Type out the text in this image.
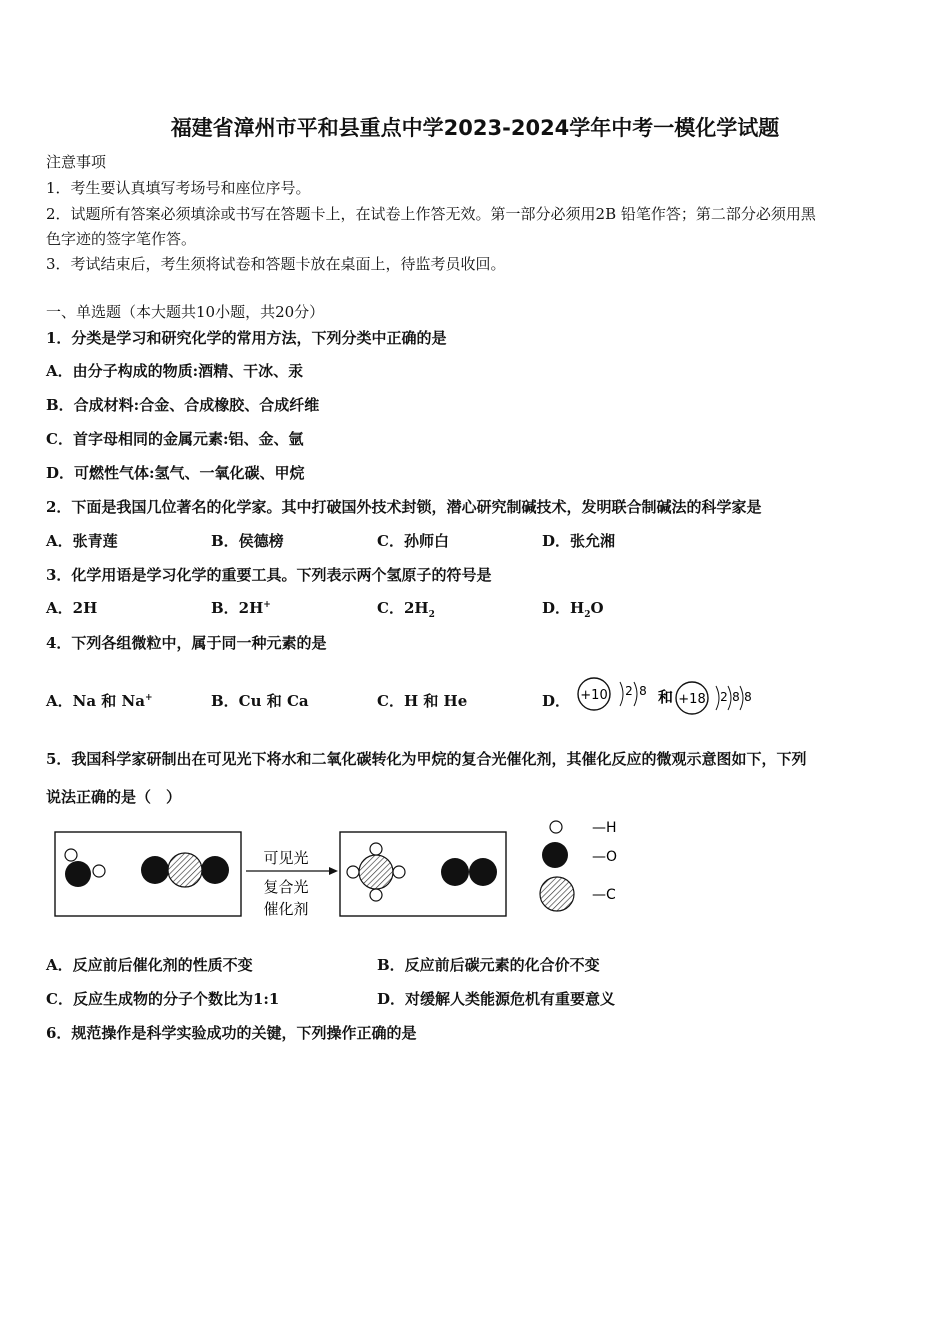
福建省漳州市平和县重点中学2023-2024学年中考一模化学试题
注意事项
1．考生要认真填写考场号和座位序号。
2．试题所有答案必须填涂或书写在答题卡上，在试卷上作答无效。第一部分必须用2B 铅笔作答；第二部分必须用黑
色字迹的签字笔作答。
3．考试结束后，考生须将试卷和答题卡放在桌面上，待监考员收回。
一、单选题（本大题共10小题，共20分）
1．分类是学习和研究化学的常用方法，下列分类中正确的是
A．由分子构成的物质:酒精、干冰、汞
B．合成材料:合金、合成橡胶、合成纤维
C．首字母相同的金属元素:铝、金、氩
D．可燃性气体:氢气、一氧化碳、甲烷
2．下面是我国几位著名的化学家。其中打破国外技术封锁，潜心研究制碱技术，发明联合制碱法的科学家是
A．张青莲	B．侯德榜	C．孙师白	D．张允湘
3．化学用语是学习化学的重要工具。下列表示两个氢原子的符号是
A．2H	B．2H+	C．$2H_2$	D．$H_2O$
4．下列各组微粒中，属于同一种元素的是
A．Na 和 Na+	B．Cu 和 Ca	C．H 和 He	D． +10 2 8 和 +18 2 8 8
5．我国科学家研制出在可见光下将水和二氧化碳转化为甲烷的复合光催化剂，其催化反应的微观示意图如下，下列
说法正确的是（　）
可见光
复合光
催化剂
—H
—O
—C
A．反应前后催化剂的性质不变	B．反应前后碳元素的化合价不变
C．反应生成物的分子个数比为1:1	D．对缓解人类能源危机有重要意义
6．规范操作是科学实验成功的关键，下列操作正确的是
